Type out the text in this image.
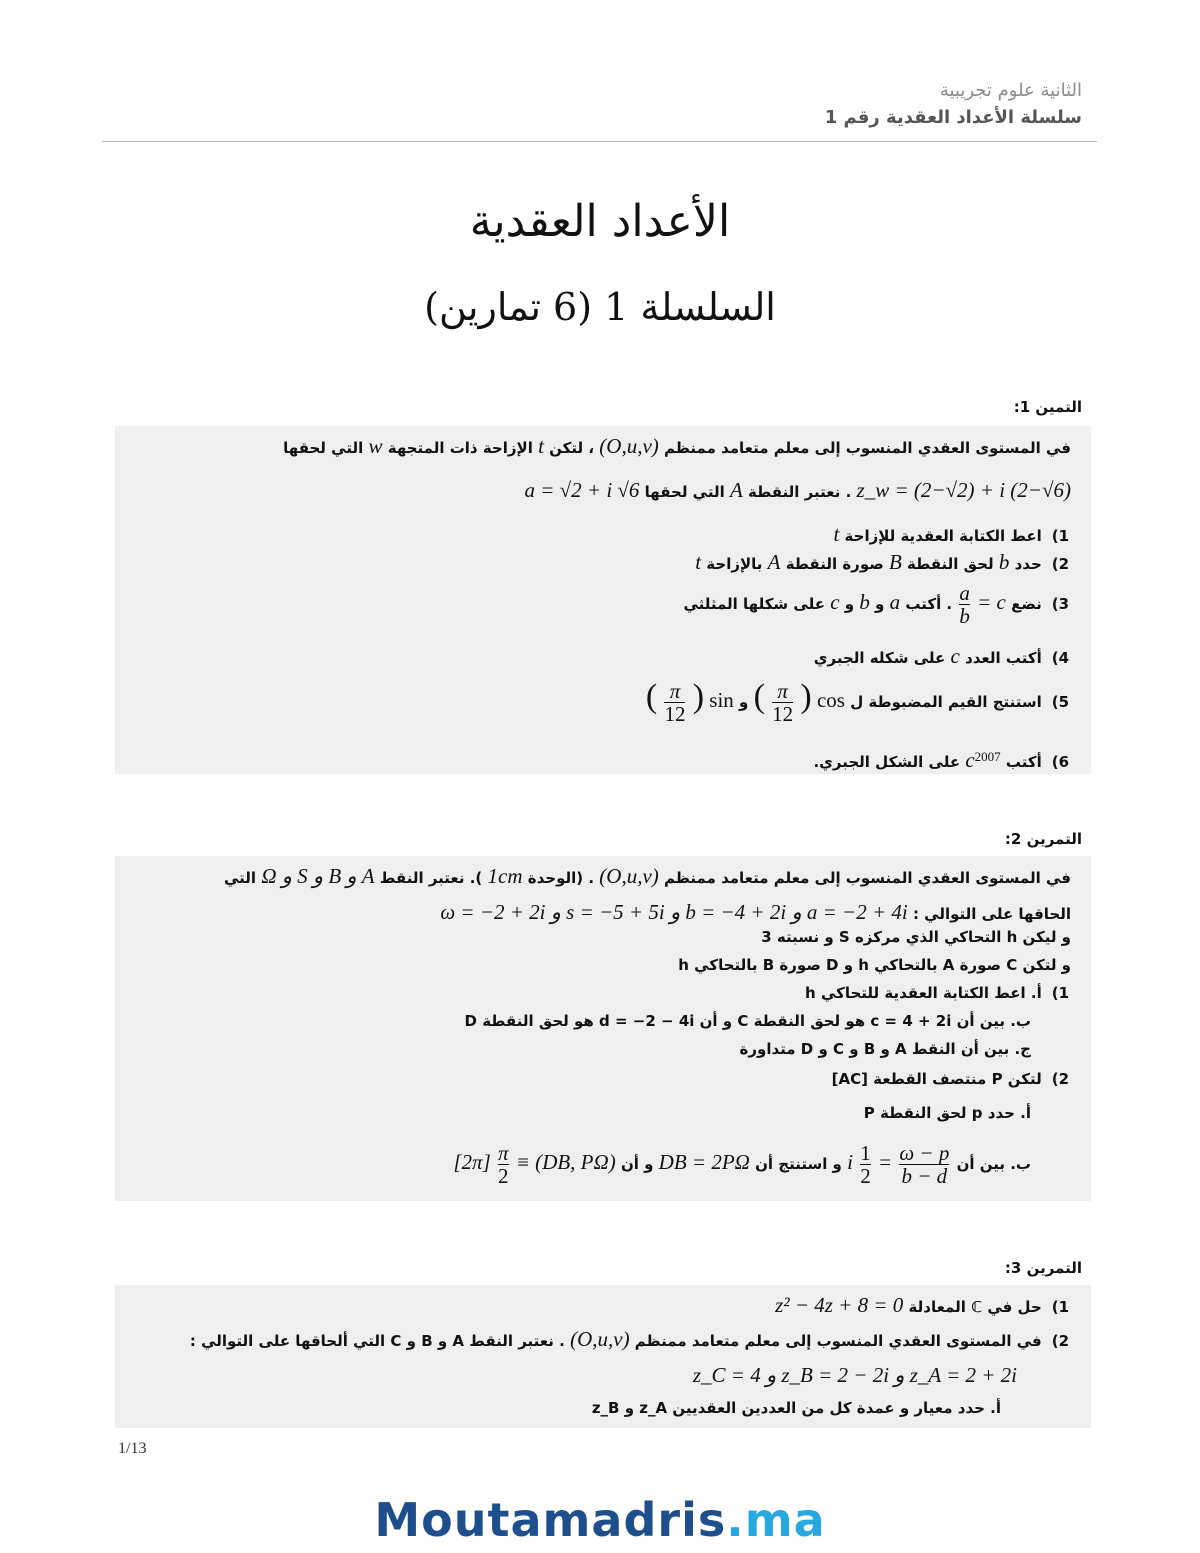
الثانية علوم تجريبية
سلسلة الأعداد العقدية رقم 1
الأعداد العقدية
السلسلة 1 (6 تمارين)
التمين 1:
في المستوى العقدي المنسوب إلى معلم متعامد ممنظم (O,u,v) ، لتكن t الإزاحة ذات المتجهة w التي لحقها
z_w = (2−√2) + i (2−√6) . نعتبر النقطة A التي لحقها a = √2 + i √6
1) اعط الكتابة العقدية للإزاحة t
2) حدد b لحق النقطة B صورة النقطة A بالإزاحة t
3) نضع c =
$\frac{a}{b}$
. أكتب a و b و c على شكلها المثلثي
4) أكتب العدد c على شكله الجبري
5) استنتج القيم المضبوطة ل cos (
$\frac{\pi}{12}$
) و sin (
$\frac{\pi}{12}$
)
6) أكتب $c^{2007}$ على الشكل الجبري.
التمرين 2:
في المستوى العقدي المنسوب إلى معلم متعامد ممنظم (O,u,v) . (الوحدة 1cm ). نعتبر النقط A و B و S و Ω التي
الحاقها على التوالي : a = −2 + 4i و b = −4 + 2i و s = −5 + 5i و ω = −2 + 2i
و ليكن h التحاكي الذي مركزه S و نسبته 3
و لتكن C صورة A بالتحاكي h و D صورة B بالتحاكي h
1) أ. اعط الكتابة العقدية للتحاكي h
ب. بين أن c = 4 + 2i هو لحق النقطة C و أن d = −2 − 4i هو لحق النقطة D
ج. بين أن النقط A و B و C و D متداورة
2) لتكن P منتصف القطعة [AC]
أ. حدد p لحق النقطة P
ب. بين أن
$\frac{\omega - p}{b - d}$
=
$\frac{1}{2}$
i و استنتج أن DB = 2PΩ و أن (DB, PΩ) ≡
$\frac{\pi}{2}$
[2π]
التمرين 3:
1) حل في ℂ المعادلة z² − 4z + 8 = 0
2) في المستوى العقدي المنسوب إلى معلم متعامد ممنظم (O,u,v) . نعتبر النقط A و B و C التي ألحاقها على التوالي :
z_A = 2 + 2i و z_B = 2 − 2i و z_C = 4
أ. حدد معيار و عمدة كل من العددين العقديين z_A و z_B
1/13
Moutamadris.ma
